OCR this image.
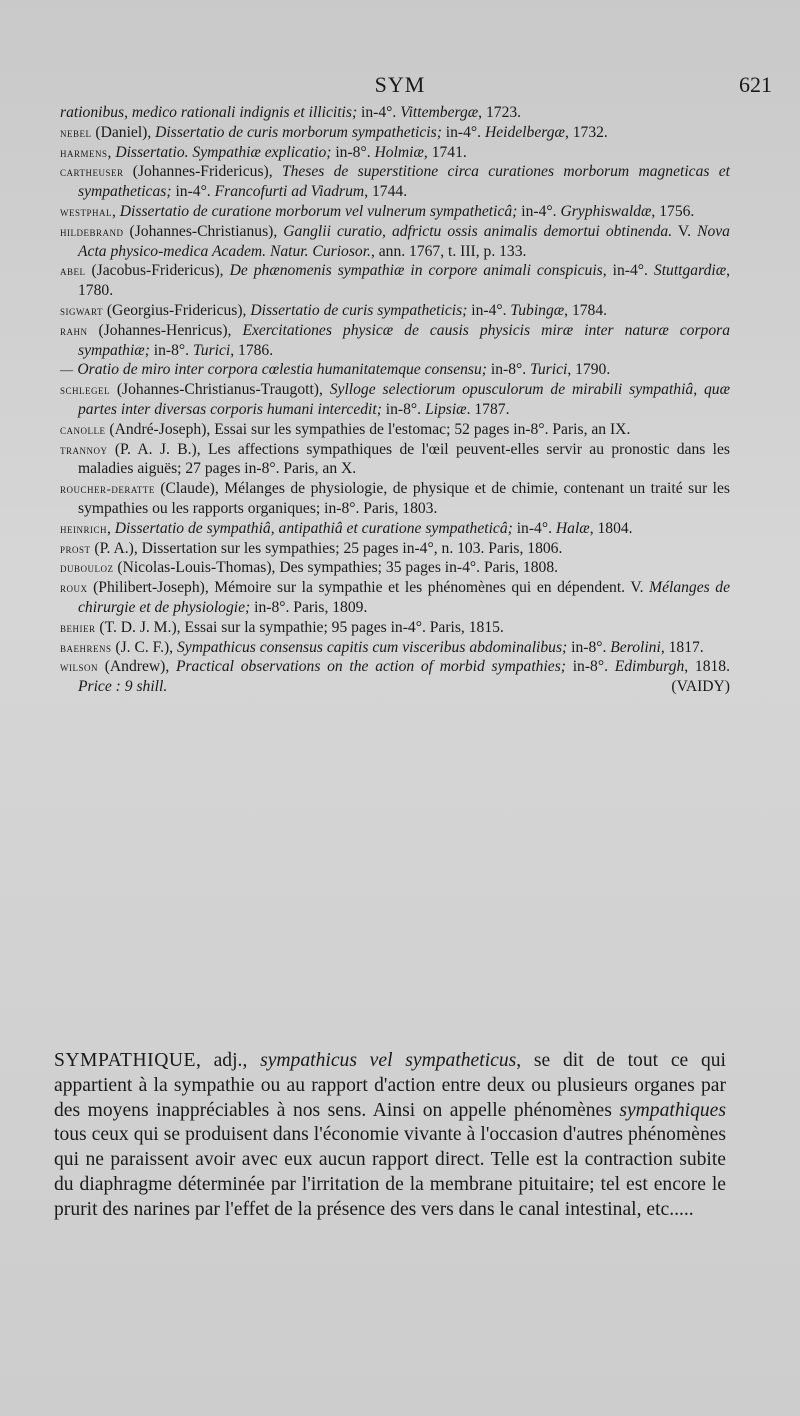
SYM	621

rationibus, medico rationali indignis et illicitis; in-4°. Vittembergæ, 1723.

nebel (Daniel), Dissertatio de curis morborum sympatheticis; in-4°. Heidelbergæ, 1732.

harmens, Dissertatio. Sympathiæ explicatio; in-8°. Holmiæ, 1741.

cartheuser (Johannes-Fridericus), Theses de superstitione circa curationes morborum magneticas et sympatheticas; in-4°. Francofurti ad Viadrum, 1744.

westphal, Dissertatio de curatione morborum vel vulnerum sympatheticâ; in-4°. Gryphiswaldæ, 1756.

hildebrand (Johannes-Christianus), Ganglii curatio, adfrictu ossis animalis demortui obtinenda. V. Nova Acta physico-medica Academ. Natur. Curiosor., ann. 1767, t. III, p. 133.

abel (Jacobus-Fridericus), De phænomenis sympathiæ in corpore animali conspicuis, in-4°. Stuttgardiæ, 1780.

sigwart (Georgius-Fridericus), Dissertatio de curis sympatheticis; in-4°. Tubingæ, 1784.

rahn (Johannes-Henricus), Exercitationes physicæ de causis physicis miræ inter naturæ corpora sympathiæ; in-8°. Turici, 1786.

— Oratio de miro inter corpora cœlestia humanitatemque consensu; in-8°. Turici, 1790.

schlegel (Johannes-Christianus-Traugott), Sylloge selectiorum opusculorum de mirabili sympathiâ, quæ partes inter diversas corporis humani intercedit; in-8°. Lipsiæ. 1787.

canolle (André-Joseph), Essai sur les sympathies de l'estomac; 52 pages in-8°. Paris, an IX.

trannoy (P. A. J. B.), Les affections sympathiques de l'œil peuvent-elles servir au pronostic dans les maladies aiguës; 27 pages in-8°. Paris, an X.

roucher-deratte (Claude), Mélanges de physiologie, de physique et de chimie, contenant un traité sur les sympathies ou les rapports organiques; in-8°. Paris, 1803.

heinrich, Dissertatio de sympathiâ, antipathiâ et curatione sympatheticâ; in-4°. Halæ, 1804.

prost (P. A.), Dissertation sur les sympathies; 25 pages in-4°, n. 103. Paris, 1806.

dubouloz (Nicolas-Louis-Thomas), Des sympathies; 35 pages in-4°. Paris, 1808.

roux (Philibert-Joseph), Mémoire sur la sympathie et les phénomènes qui en dépendent. V. Mélanges de chirurgie et de physiologie; in-8°. Paris, 1809.

behier (T. D. J. M.), Essai sur la sympathie; 95 pages in-4°. Paris, 1815.

baehrens (J. C. F.), Sympathicus consensus capitis cum visceribus abdominalibus; in-8°. Berolini, 1817.

wilson (Andrew), Practical observations on the action of morbid sympathies; in-8°. Edimburgh, 1818. Price : 9 shill.	(VAIDY)

SYMPATHIQUE, adj., sympathicus vel sympatheticus, se dit de tout ce qui appartient à la sympathie ou au rapport d'action entre deux ou plusieurs organes par des moyens inappréciables à nos sens. Ainsi on appelle phénomènes sympathiques tous ceux qui se produisent dans l'économie vivante à l'occasion d'autres phénomènes qui ne paraissent avoir avec eux aucun rapport direct. Telle est la contraction subite du diaphragme déterminée par l'irritation de la membrane pituitaire; tel est encore le prurit des narines par l'effet de la présence des vers dans le canal intestinal, etc.....
